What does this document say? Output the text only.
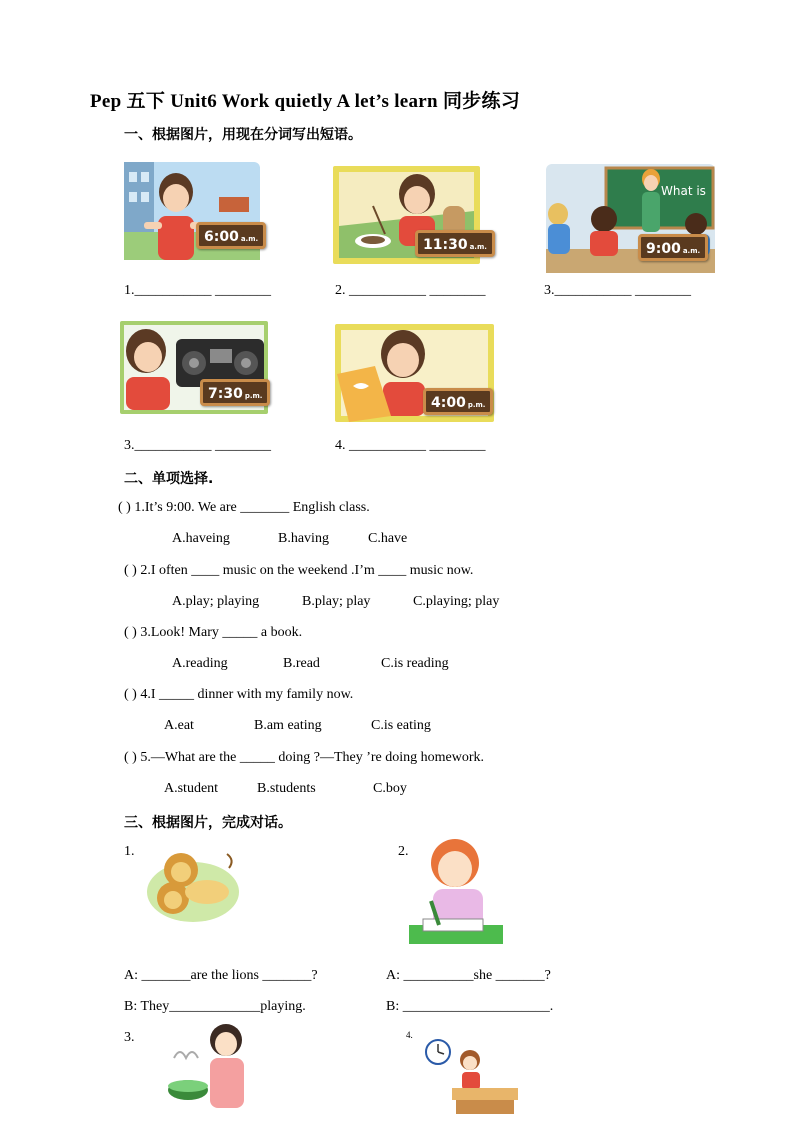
Pep 五下 Unit6 Work quietly A let’s learn 同步练习
一、根据图片，用现在分词写出短语。
6:00 a.m.	11:30 a.m.
What is
9:00 a.m.
1.___________ ________	2. ___________ ________	3.___________ ________
7:30 p.m.	4:00 p.m.
3.___________ ________	4. ___________ ________
二、单项选择.
( ) 1.It’s 9:00. We are _______ English class.
A.haveing	B.having	C.have
( ) 2.I often ____ music on the weekend .I’m ____ music now.
A.play; playing	B.play; play	C.playing; play
( ) 3.Look! Mary _____ a book.
A.reading	B.read	C.is reading
( ) 4.I _____ dinner with my family now.
A.eat	B.am eating	C.is eating
( ) 5.—What are the _____ doing ?—They ’re doing homework.
A.student	B.students	C.boy
三、根据图片，完成对话。
1.	2.
A: _______are the lions _______?	A: __________she _______?
B: They_____________playing.	B: _____________________.
3.	4.
